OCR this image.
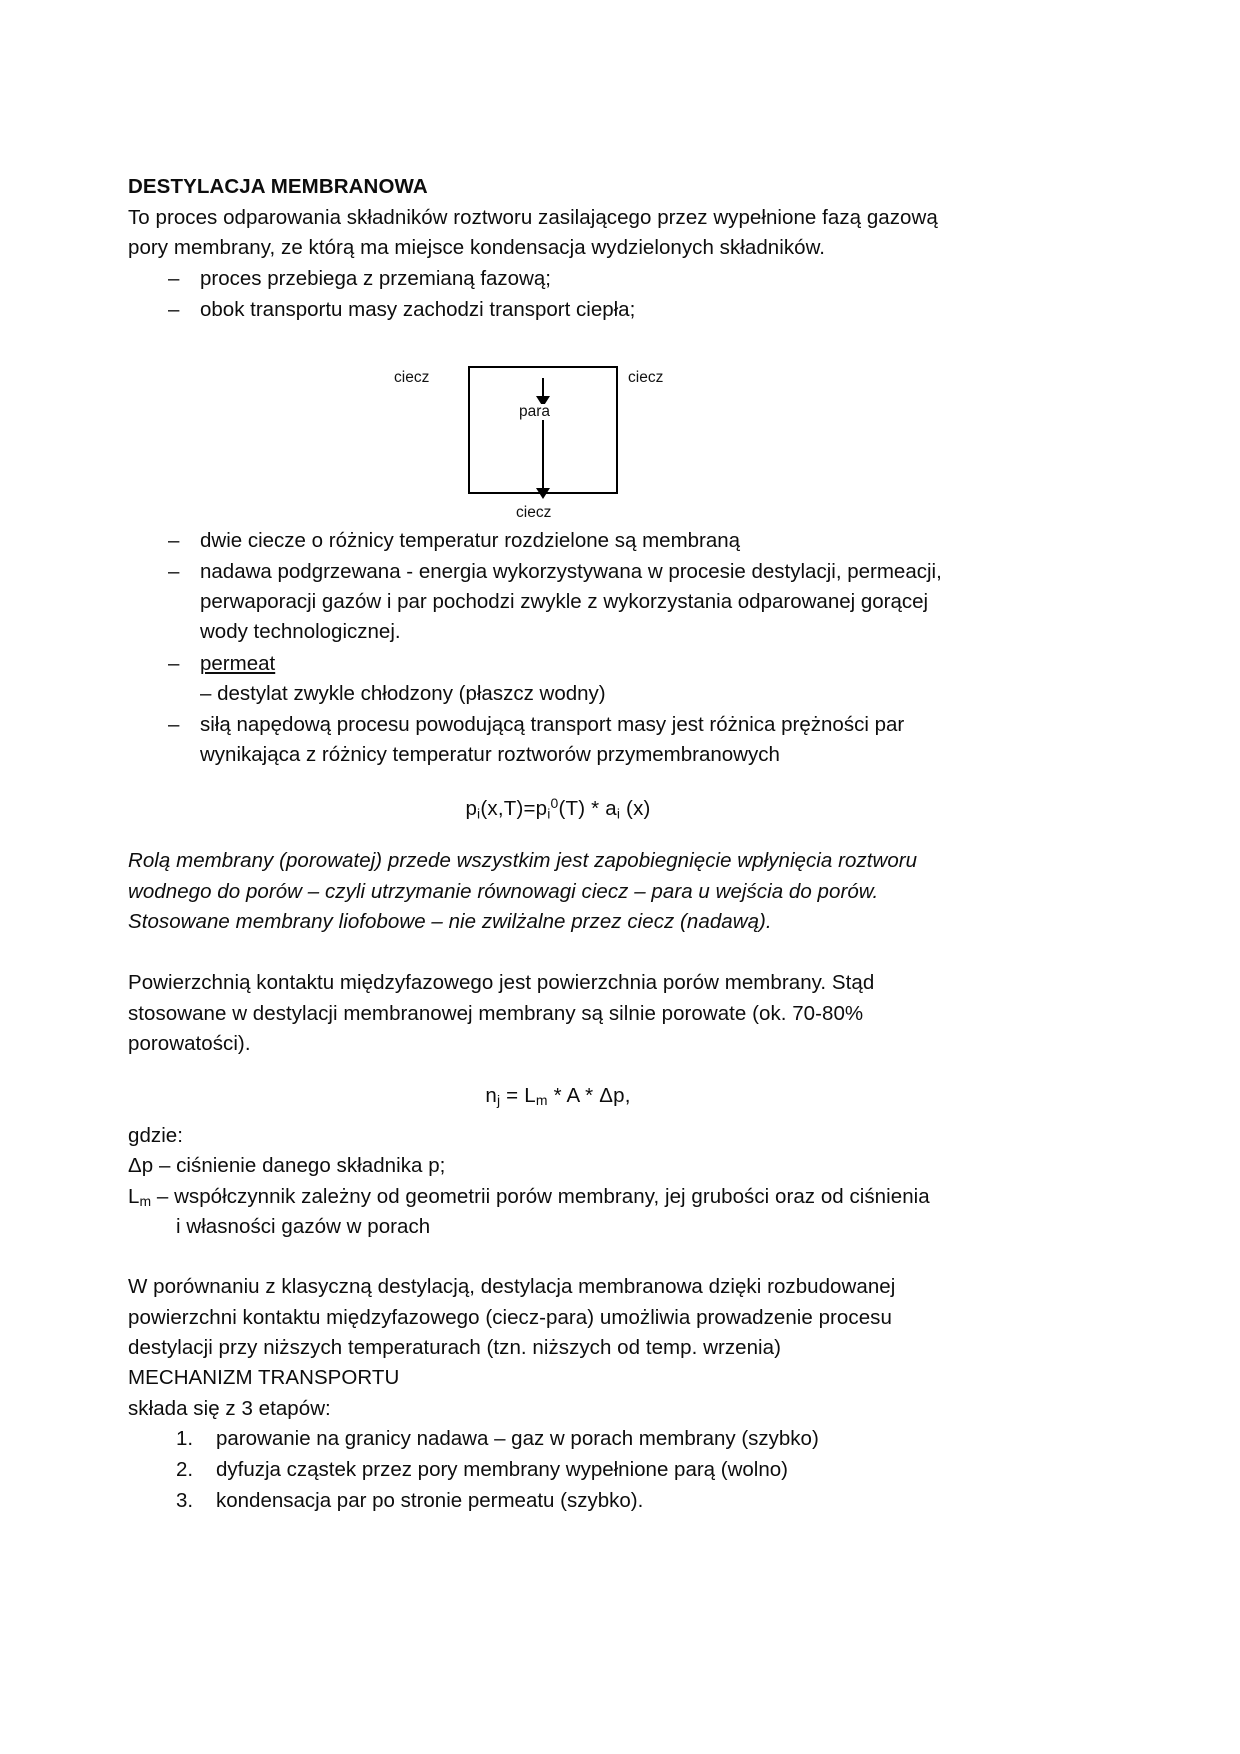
DESTYLACJA MEMBRANOWA

To proces odparowania składników roztworu zasilającego przez wypełnione fazą gazową

pory membrany, ze którą ma miejsce kondensacja wydzielonych składników.

–	proces przebiega z przemianą fazową;
–	obok transportu masy zachodzi transport ciepła;
ciecz	ciecz
para
ciecz
–	dwie ciecze o różnicy temperatur rozdzielone są membraną
–	nadawa podgrzewana - energia wykorzystywana w procesie destylacji, permeacji,
perwaporacji gazów i par pochodzi zwykle z wykorzystania odparowanej gorącej
wody technologicznej.
–	permeat
– destylat zwykle chłodzony (płaszcz wodny)
–	siłą napędową procesu powodującą transport masy jest różnica prężności par
wynikająca z różnicy temperatur roztworów przymembranowych

$p_i(x,T)=p_i^0(T) * a_i$ (x)

Rolą membrany (porowatej) przede wszystkim jest zapobiegnięcie wpłynięcia roztworu

wodnego do porów – czyli utrzymanie równowagi ciecz – para u wejścia do porów.

Stosowane membrany liofobowe – nie zwilżalne przez ciecz (nadawą).

Powierzchnią kontaktu międzyfazowego jest powierzchnia porów membrany. Stąd

stosowane w destylacji membranowej membrany są silnie porowate (ok. 70-80%

porowatości).

$n_j = L_m * A * \Delta p$,

gdzie:

Δp – ciśnienie danego składnika p;

$L_m$ – współczynnik zależny od geometrii porów membrany, jej grubości oraz od ciśnienia

i własności gazów w porach

W porównaniu z klasyczną destylacją, destylacja membranowa dzięki rozbudowanej

powierzchni kontaktu międzyfazowego (ciecz-para) umożliwia prowadzenie procesu

destylacji przy niższych temperaturach (tzn. niższych od temp. wrzenia)

MECHANIZM TRANSPORTU

składa się z 3 etapów:

1.	parowanie na granicy nadawa – gaz w porach membrany (szybko)
2.	dyfuzja cząstek przez pory membrany wypełnione parą (wolno)
3.	kondensacja par po stronie permeatu (szybko).
